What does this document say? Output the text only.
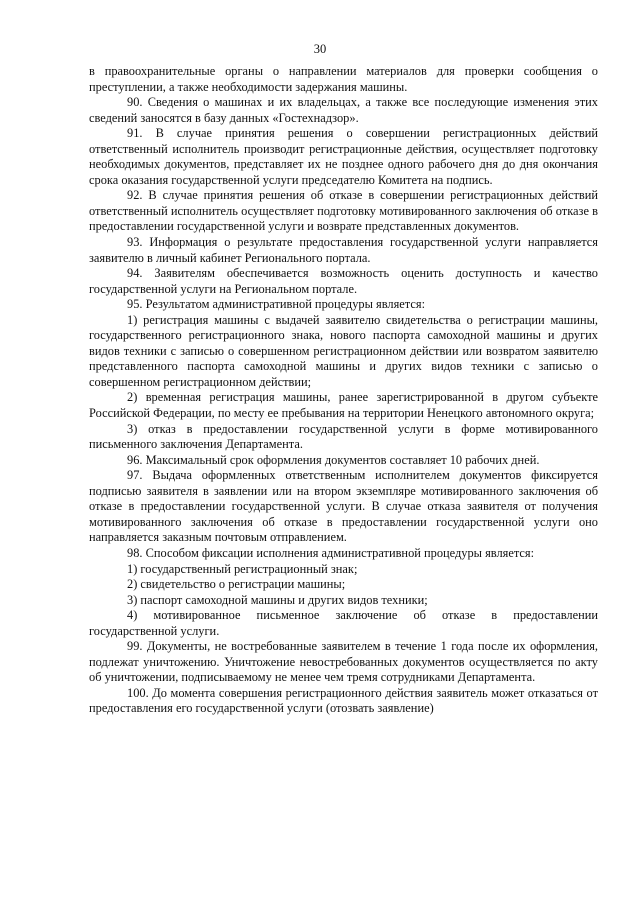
30

в правоохранительные органы о направлении материалов для проверки сообщения о преступлении, а также необходимости задержания машины.

90. Сведения о машинах и их владельцах, а также все последующие изменения этих сведений заносятся в базу данных «Гостехнадзор».

91. В случае принятия решения о совершении регистрационных действий ответственный исполнитель производит регистрационные действия, осуществляет подготовку необходимых документов, представляет их не позднее одного рабочего дня до дня окончания срока оказания государственной услуги председателю Комитета на подпись.

92. В случае принятия решения об отказе в совершении регистрационных действий ответственный исполнитель осуществляет подготовку мотивированного заключения об отказе в предоставлении государственной услуги и возврате представленных документов.

93. Информация о результате предоставления государственной услуги направляется заявителю в личный кабинет Регионального портала.

94. Заявителям обеспечивается возможность оценить доступность и качество государственной услуги на Региональном портале.

95. Результатом административной процедуры является:

1) регистрация машины с выдачей заявителю свидетельства о регистрации машины, государственного регистрационного знака, нового паспорта самоходной машины и других видов техники с записью о совершенном регистрационном действии или возвратом заявителю представленного паспорта самоходной машины и других видов техники с записью о совершенном регистрационном действии;

2) временная регистрация машины, ранее зарегистрированной в другом субъекте Российской Федерации, по месту ее пребывания на территории Ненецкого автономного округа;

3) отказ в предоставлении государственной услуги в форме мотивированного письменного заключения Департамента.

96. Максимальный срок оформления документов составляет 10 рабочих дней.

97. Выдача оформленных ответственным исполнителем документов фиксируется подписью заявителя в заявлении или на втором экземпляре мотивированного заключения об отказе в предоставлении государственной услуги. В случае отказа заявителя от получения мотивированного заключения об отказе в предоставлении государственной услуги оно направляется заказным почтовым отправлением.

98. Способом фиксации исполнения административной процедуры является:

1) государственный регистрационный знак;

2) свидетельство о регистрации машины;

3) паспорт самоходной машины и других видов техники;

4) мотивированное письменное заключение об отказе в предоставлении государственной услуги.

99. Документы, не востребованные заявителем в течение 1 года после их оформления, подлежат уничтожению. Уничтожение невостребованных документов осуществляется по акту об уничтожении, подписываемому не менее чем тремя сотрудниками Департамента.

100. До момента совершения регистрационного действия заявитель может отказаться от предоставления его государственной услуги (отозвать заявление)
